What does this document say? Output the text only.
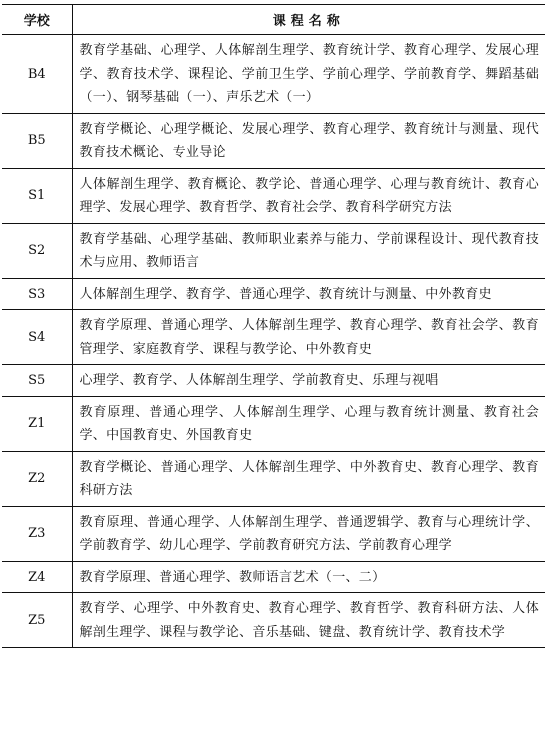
学校	课程名称
B4	教育学基础、心理学、人体解剖生理学、教育统计学、教育心理学、发展心理学、教育技术学、课程论、学前卫生学、学前心理学、学前教育学、舞蹈基础（一）、钢琴基础（一）、声乐艺术（一）
B5	教育学概论、心理学概论、发展心理学、教育心理学、教育统计与测量、现代教育技术概论、专业导论
S1	人体解剖生理学、教育概论、教学论、普通心理学、心理与教育统计、教育心理学、发展心理学、教育哲学、教育社会学、教育科学研究方法
S2	教育学基础、心理学基础、教师职业素养与能力、学前课程设计、现代教育技术与应用、教师语言
S3	人体解剖生理学、教育学、普通心理学、教育统计与测量、中外教育史
S4	教育学原理、普通心理学、人体解剖生理学、教育心理学、教育社会学、教育管理学、家庭教育学、课程与教学论、中外教育史
S5	心理学、教育学、人体解剖生理学、学前教育史、乐理与视唱
Z1	教育原理、普通心理学、人体解剖生理学、心理与教育统计测量、教育社会学、中国教育史、外国教育史
Z2	教育学概论、普通心理学、人体解剖生理学、中外教育史、教育心理学、教育科研方法
Z3	教育原理、普通心理学、人体解剖生理学、普通逻辑学、教育与心理统计学、学前教育学、幼儿心理学、学前教育研究方法、学前教育心理学
Z4	教育学原理、普通心理学、教师语言艺术（一、二）
Z5	教育学、心理学、中外教育史、教育心理学、教育哲学、教育科研方法、人体解剖生理学、课程与教学论、音乐基础、键盘、教育统计学、教育技术学
